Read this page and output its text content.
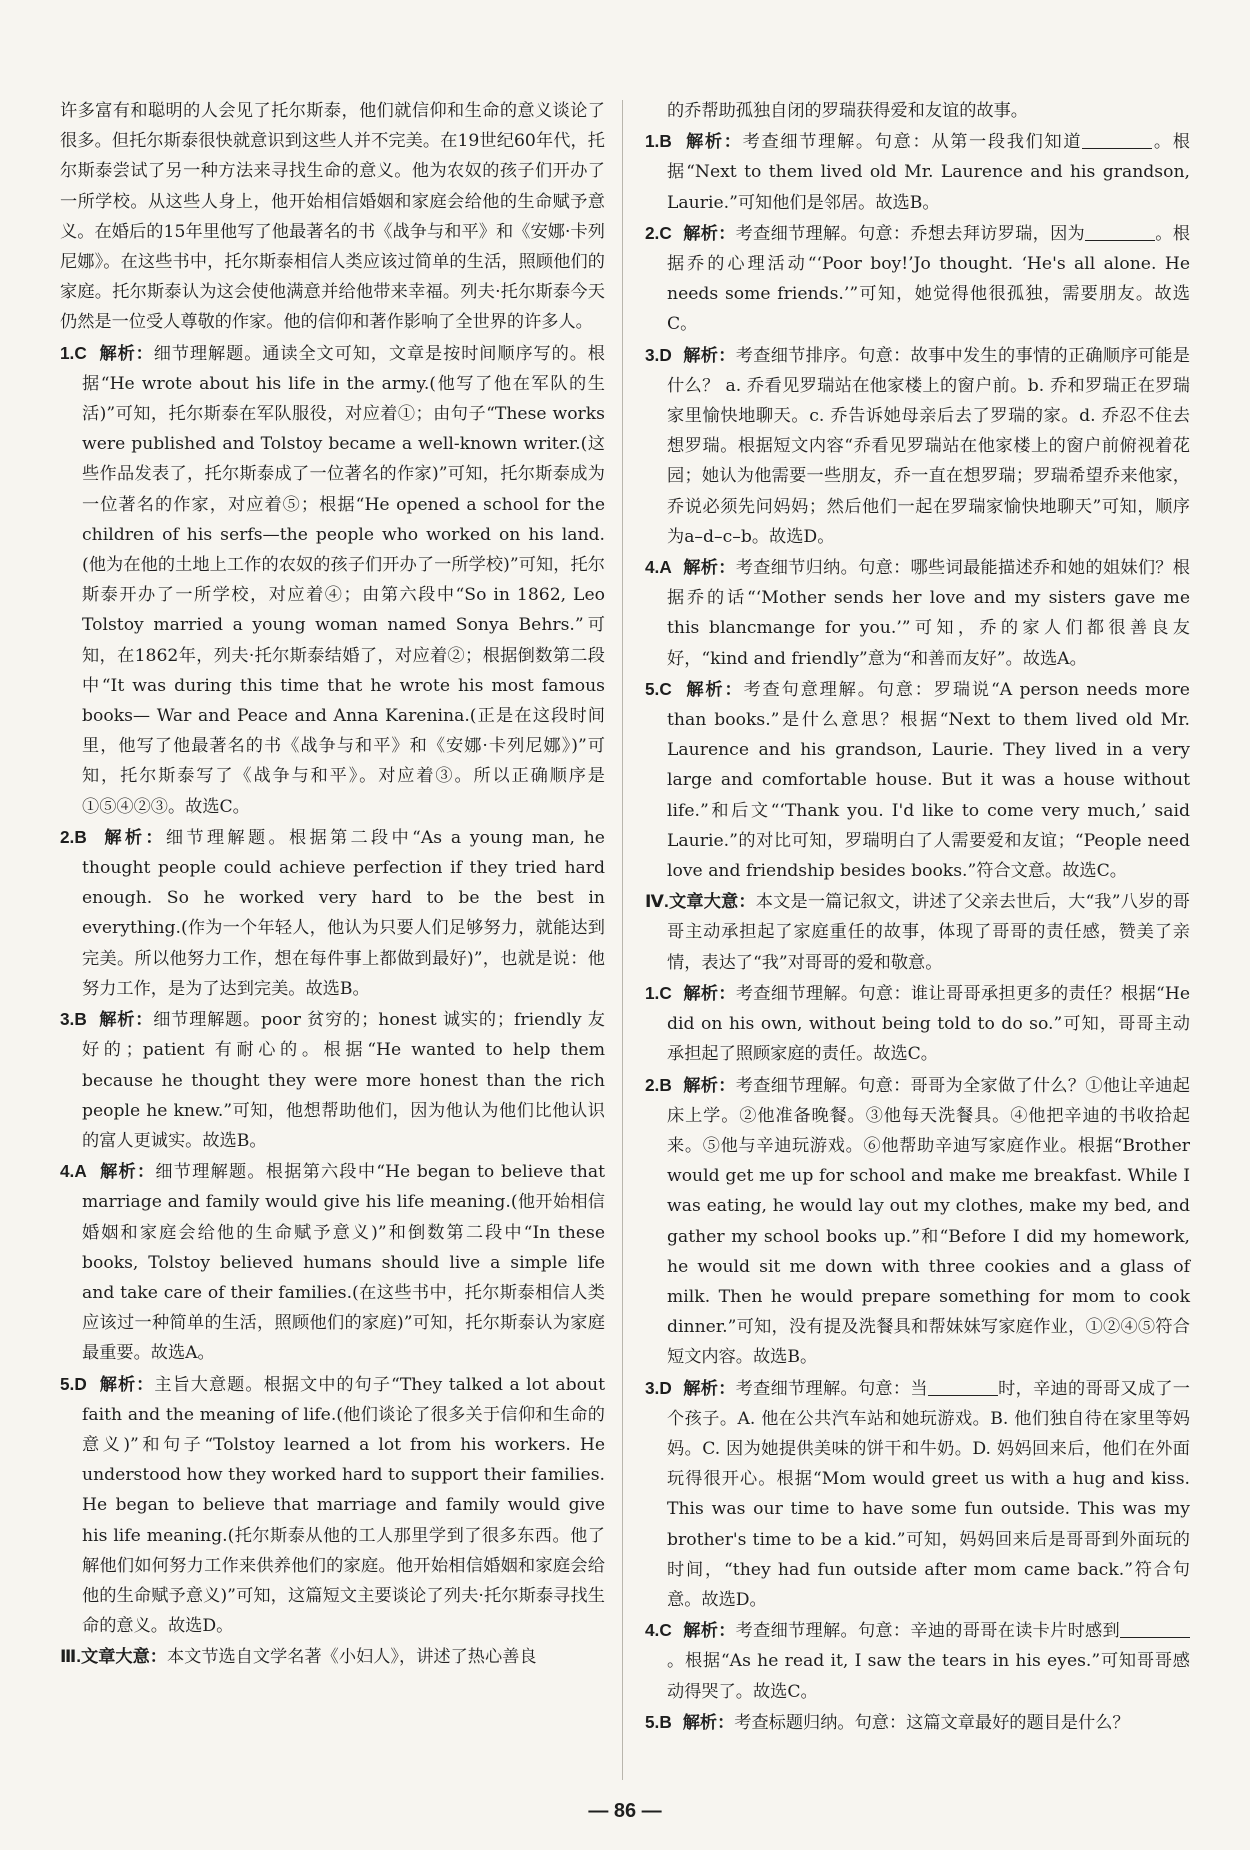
许多富有和聪明的人会见了托尔斯泰，他们就信仰和生命的意义谈论了很多。但托尔斯泰很快就意识到这些人并不完美。在19世纪60年代，托尔斯泰尝试了另一种方法来寻找生命的意义。他为农奴的孩子们开办了一所学校。从这些人身上，他开始相信婚姻和家庭会给他的生命赋予意义。在婚后的15年里他写了他最著名的书《战争与和平》和《安娜·卡列尼娜》。在这些书中，托尔斯泰相信人类应该过简单的生活，照顾他们的家庭。托尔斯泰认为这会使他满意并给他带来幸福。列夫·托尔斯泰今天仍然是一位受人尊敬的作家。他的信仰和著作影响了全世界的许多人。

1.C 解析：细节理解题。通读全文可知，文章是按时间顺序写的。根据“He wrote about his life in the army.(他写了他在军队的生活)”可知，托尔斯泰在军队服役，对应着①；由句子“These works were published and Tolstoy became a well-known writer.(这些作品发表了，托尔斯泰成了一位著名的作家)”可知，托尔斯泰成为一位著名的作家，对应着⑤；根据“He opened a school for the children of his serfs—the people who worked on his land.(他为在他的土地上工作的农奴的孩子们开办了一所学校)”可知，托尔斯泰开办了一所学校，对应着④；由第六段中“So in 1862, Leo Tolstoy married a young woman named Sonya Behrs.”可知，在1862年，列夫·托尔斯泰结婚了，对应着②；根据倒数第二段中“It was during this time that he wrote his most famous books— War and Peace and Anna Karenina.(正是在这段时间里，他写了他最著名的书《战争与和平》和《安娜·卡列尼娜》)”可知，托尔斯泰写了《战争与和平》。对应着③。所以正确顺序是①⑤④②③。故选C。

2.B 解析：细节理解题。根据第二段中“As a young man, he thought people could achieve perfection if they tried hard enough. So he worked very hard to be the best in everything.(作为一个年轻人，他认为只要人们足够努力，就能达到完美。所以他努力工作，想在每件事上都做到最好)”，也就是说：他努力工作，是为了达到完美。故选B。

3.B 解析：细节理解题。poor 贫穷的；honest 诚实的；friendly 友好的；patient 有耐心的。根据“He wanted to help them because he thought they were more honest than the rich people he knew.”可知，他想帮助他们，因为他认为他们比他认识的富人更诚实。故选B。

4.A 解析：细节理解题。根据第六段中“He began to believe that marriage and family would give his life meaning.(他开始相信婚姻和家庭会给他的生命赋予意义)”和倒数第二段中“In these books, Tolstoy believed humans should live a simple life and take care of their families.(在这些书中，托尔斯泰相信人类应该过一种简单的生活，照顾他们的家庭)”可知，托尔斯泰认为家庭最重要。故选A。

5.D 解析：主旨大意题。根据文中的句子“They talked a lot about faith and the meaning of life.(他们谈论了很多关于信仰和生命的意义)”和句子“Tolstoy learned a lot from his workers. He understood how they worked hard to support their families. He began to believe that marriage and family would give his life meaning.(托尔斯泰从他的工人那里学到了很多东西。他了解他们如何努力工作来供养他们的家庭。他开始相信婚姻和家庭会给他的生命赋予意义)”可知，这篇短文主要谈论了列夫·托尔斯泰寻找生命的意义。故选D。

Ⅲ.文章大意：本文节选自文学名著《小妇人》，讲述了热心善良

的乔帮助孤独自闭的罗瑞获得爱和友谊的故事。

1.B 解析：考查细节理解。句意：从第一段我们知道	。根据“Next to them lived old Mr. Laurence and his grandson, Laurie.”可知他们是邻居。故选B。

2.C 解析：考查细节理解。句意：乔想去拜访罗瑞，因为	。根据乔的心理活动“‘Poor boy!’Jo thought. ‘He's all alone. He needs some friends.’”可知，她觉得他很孤独，需要朋友。故选C。

3.D 解析：考查细节排序。句意：故事中发生的事情的正确顺序可能是什么？ a. 乔看见罗瑞站在他家楼上的窗户前。b. 乔和罗瑞正在罗瑞家里愉快地聊天。c. 乔告诉她母亲后去了罗瑞的家。d. 乔忍不住去想罗瑞。根据短文内容“乔看见罗瑞站在他家楼上的窗户前俯视着花园；她认为他需要一些朋友，乔一直在想罗瑞；罗瑞希望乔来他家，乔说必须先问妈妈；然后他们一起在罗瑞家愉快地聊天”可知，顺序为a–d–c–b。故选D。

4.A 解析：考查细节归纳。句意：哪些词最能描述乔和她的姐妹们？根据乔的话“‘Mother sends her love and my sisters gave me this blancmange for you.’”可知，乔的家人们都很善良友好，“kind and friendly”意为“和善而友好”。故选A。

5.C 解析：考查句意理解。句意：罗瑞说“A person needs more than books.”是什么意思？根据“Next to them lived old Mr. Laurence and his grandson, Laurie. They lived in a very large and comfortable house. But it was a house without life.”和后文“‘Thank you. I'd like to come very much,’ said Laurie.”的对比可知，罗瑞明白了人需要爱和友谊；“People need love and friendship besides books.”符合文意。故选C。

Ⅳ.文章大意：本文是一篇记叙文，讲述了父亲去世后，大“我”八岁的哥哥主动承担起了家庭重任的故事，体现了哥哥的责任感，赞美了亲情，表达了“我”对哥哥的爱和敬意。

1.C 解析：考查细节理解。句意：谁让哥哥承担更多的责任？根据“He did on his own, without being told to do so.”可知，哥哥主动承担起了照顾家庭的责任。故选C。

2.B 解析：考查细节理解。句意：哥哥为全家做了什么？①他让辛迪起床上学。②他准备晚餐。③他每天洗餐具。④他把辛迪的书收拾起来。⑤他与辛迪玩游戏。⑥他帮助辛迪写家庭作业。根据“Brother would get me up for school and make me breakfast. While I was eating, he would lay out my clothes, make my bed, and gather my school books up.”和“Before I did my homework, he would sit me down with three cookies and a glass of milk. Then he would prepare something for mom to cook dinner.”可知，没有提及洗餐具和帮妹妹写家庭作业，①②④⑤符合短文内容。故选B。

3.D 解析：考查细节理解。句意：当	时，辛迪的哥哥又成了一个孩子。A. 他在公共汽车站和她玩游戏。B. 他们独自待在家里等妈妈。C. 因为她提供美味的饼干和牛奶。D. 妈妈回来后，他们在外面玩得很开心。根据“Mom would greet us with a hug and kiss. This was our time to have some fun outside. This was my brother's time to be a kid.”可知，妈妈回来后是哥哥到外面玩的时间，“they had fun outside after mom came back.”符合句意。故选D。

4.C 解析：考查细节理解。句意：辛迪的哥哥在读卡片时感到。根据“As he read it, I saw the tears in his eyes.”可知哥哥感动得哭了。故选C。

5.B 解析：考查标题归纳。句意：这篇文章最好的题目是什么？

— 86 —
